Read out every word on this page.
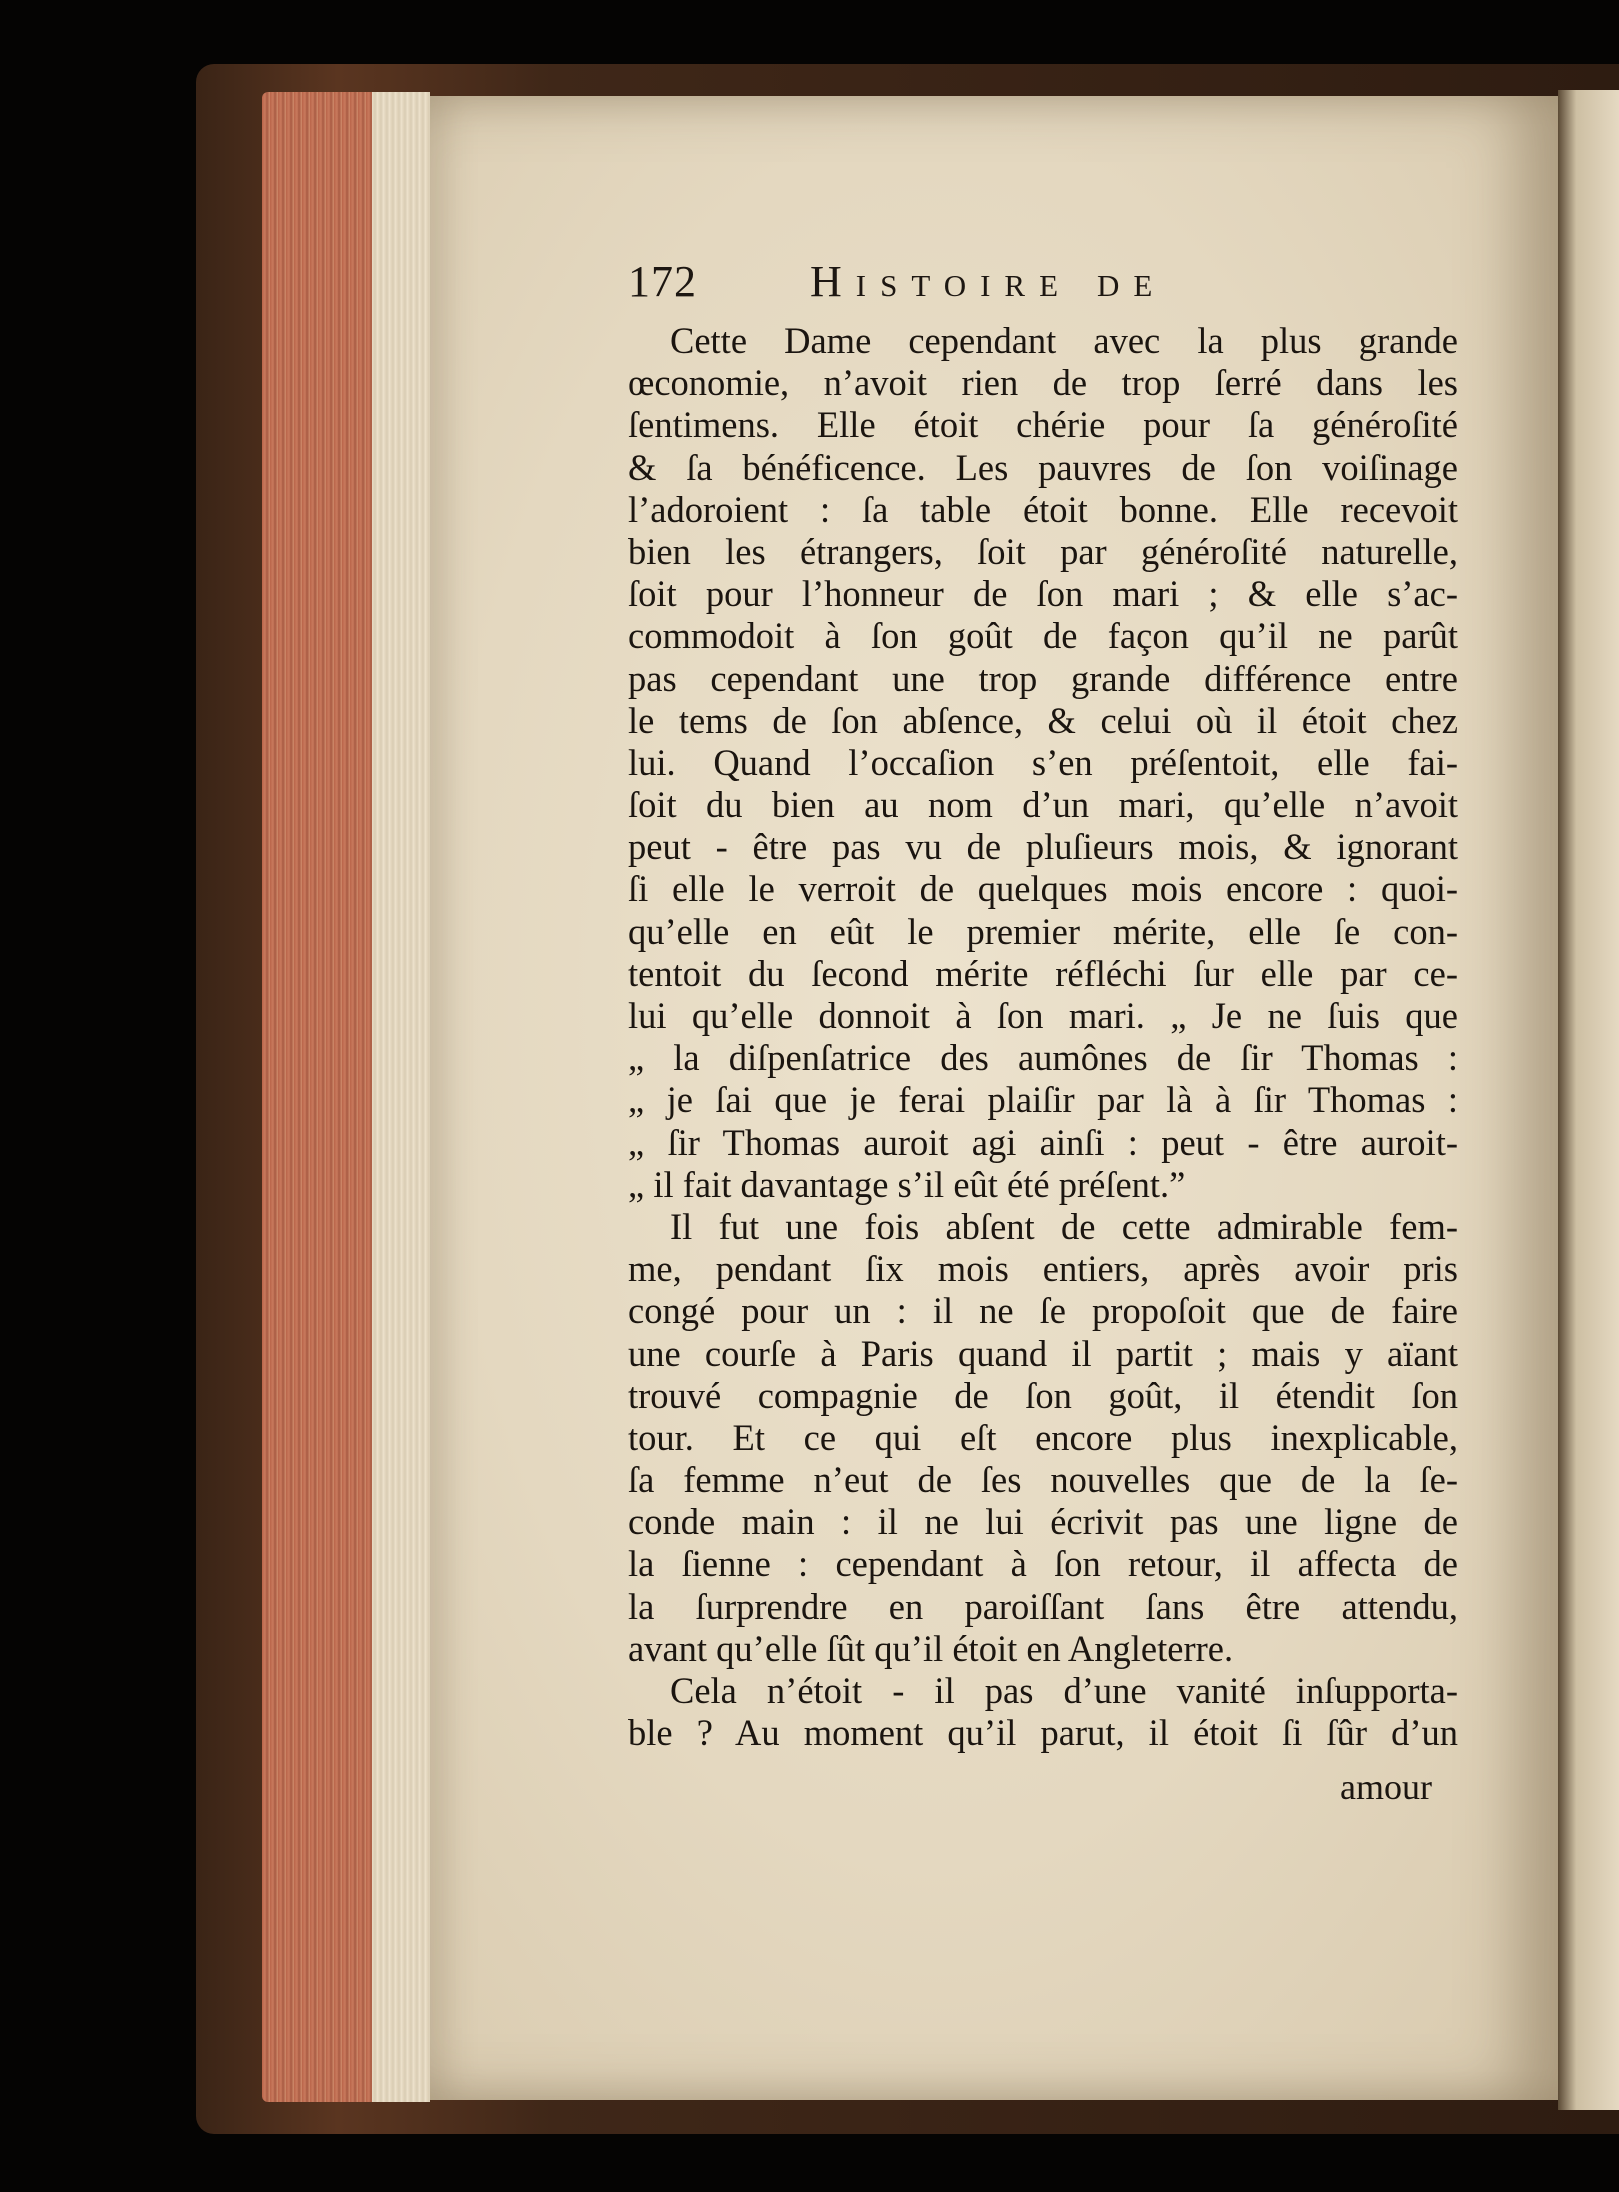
172	Histoire de
Cette Dame cependant avec la plus grande
œconomie, n’avoit rien de trop ſerré dans les
ſentimens. Elle étoit chérie pour ſa généroſité
& ſa bénéficence. Les pauvres de ſon voiſinage
l’adoroient : ſa table étoit bonne. Elle recevoit
bien les étrangers, ſoit par généroſité naturelle,
ſoit pour l’honneur de ſon mari ; & elle s’ac-
commodoit à ſon goût de façon qu’il ne parût
pas cependant une trop grande différence entre
le tems de ſon abſence, & celui où il étoit chez
lui. Quand l’occaſion s’en préſentoit, elle fai-
ſoit du bien au nom d’un mari, qu’elle n’avoit
peut - être pas vu de pluſieurs mois, & ignorant
ſi elle le verroit de quelques mois encore : quoi-
qu’elle en eût le premier mérite, elle ſe con-
tentoit du ſecond mérite réfléchi ſur elle par ce-
lui qu’elle donnoit à ſon mari. „ Je ne ſuis que
„ la diſpenſatrice des aumônes de ſir Thomas :
„ je ſai que je ferai plaiſir par là à ſir Thomas :
„ ſir Thomas auroit agi ainſi : peut - être auroit-
„ il fait davantage s’il eût été préſent.”
Il fut une fois abſent de cette admirable fem-
me, pendant ſix mois entiers, après avoir pris
congé pour un : il ne ſe propoſoit que de faire
une courſe à Paris quand il partit ; mais y aïant
trouvé compagnie de ſon goût, il étendit ſon
tour. Et ce qui eſt encore plus inexplicable,
ſa femme n’eut de ſes nouvelles que de la ſe-
conde main : il ne lui écrivit pas une ligne de
la ſienne : cependant à ſon retour, il affecta de
la ſurprendre en paroiſſant ſans être attendu,
avant qu’elle ſût qu’il étoit en Angleterre.
Cela n’étoit - il pas d’une vanité inſupporta-
ble ? Au moment qu’il parut, il étoit ſi ſûr d’un
amour
